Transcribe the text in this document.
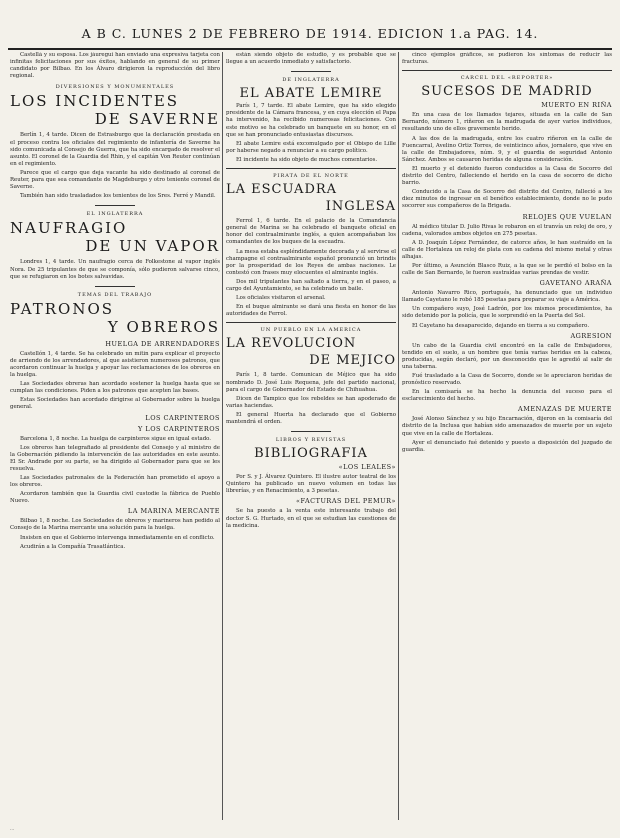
A B C. LUNES 2 DE FEBRERO DE 1914. EDICION 1.a PAG. 14.

Castellá y su esposa. Los jáuregui han enviado una expresiva tarjeta con infinitas felicitaciones por sus éxitos, hablando en general de su primer candidato por Bilbao. En los Álvaro dirigieron la reproducción del libro regional.

DIVERSIONES Y MONUMENTALES
LOS INCIDENTES
DE SAVERNE

Berlín 1, 4 tarde. Dicen de Estrasburgo que la declaración prestada en el proceso contra los oficiales del regimiento de infantería de Saverne ha sido comunicada al Consejo de Guerra, que ha sido encargado de resolver el asunto. El coronel de la Guardia del Rhin, y el capitán Von Reuter continúan en el regimiento.

Parece que el cargo que deja vacante ha sido destinado al coronel de Reuter, para que sea comandante de Magdeburgo y otro teniente coronel de Saverne.

También han sido trasladados los tenientes de los Sres. Ferré y Mandil.

EL INGLATERRA
NAUFRAGIO
DE UN VAPOR

Londres 1, 4 tarde. Un naufragio cerca de Folkestone al vapor inglés Nora. De 25 tripulantes de que se componía, sólo pudieron salvarse cinco, que se refugiaron en los botes salvavidas.

TEMAS DEL TRABAJO
PATRONOS
Y OBREROS
HUELGA DE ARRENDADORES

Castellón 1, 4 tarde. Se ha celebrado un mitin para explicar el proyecto de arriendo de los arrendadores, al que asistieron numerosos patronos, que acordaron continuar la huelga y apoyar las reclamaciones de los obreros en la huelga.

Las Sociedades obreras han acordado sostener la huelga hasta que se cumplan las condiciones. Piden a los patronos que acepten las bases.

Estas Sociedades han acordado dirigirse al Gobernador sobre la huelga general.

LOS CARPINTEROS
Y LOS CARPINTEROS

Barcelona 1, 8 noche. La huelga de carpinteros sigue en igual estado.

Los obreros han telegrafiado al presidente del Consejo y al ministro de la Gobernación pidiendo la intervención de las autoridades en este asunto. El Sr. Andrade por su parte, se ha dirigido al Gobernador para que se les resuelva.

Las Sociedades patronales de la Federación han prometido el apoyo a los obreros.

Acordaron también que la Guardia civil custodie la fábrica de Pueblo Nuevo.

LA MARINA MERCANTE

Bilbao 1, 8 noche. Los Sociedades de obreros y marineros han pedido al Consejo de la Marina mercante una solución para la huelga.

Insisten en que el Gobierno intervenga inmediatamente en el conflicto.

Acudirán a la Compañía Trasatlántica.

están siendo objeto de estudio, y es probable que se llegue a un acuerdo inmediato y satisfactorio.

DE INGLATERRA
EL ABATE LEMIRE

París 1, 7 tarde. El abate Lemire, que ha sido elegido presidente de la Cámara francesa, y en cuya elección el Papa ha intervenido, ha recibido numerosas felicitaciones. Con este motivo se ha celebrado un banquete en su honor, en el que se han pronunciado entusiastas discursos.

El abate Lemire está excomulgado por el Obispo de Lille por haberse negado a renunciar a su cargo político.

El incidente ha sido objeto de muchos comentarios.

PIRATA DE EL NORTE
LA ESCUADRA
INGLESA

Ferrol 1, 6 tarde. En el palacio de la Comandancia general de Marina se ha celebrado el banquete oficial en honor del contraalmirante inglés, a quien acompañaban los comandantes de los buques de la escuadra.

La mesa estaba espléndidamente decorada y al servirse el champagne el contraalmirante español pronunció un brindis por la prosperidad de los Reyes de ambas naciones. Le contestó con frases muy elocuentes el almirante inglés.

Dos mil tripulantes han saltado a tierra, y en el paseo, a cargo del Ayuntamiento, se ha celebrado un baile.

Los oficiales visitaron el arsenal.

En el buque almirante se dará una fiesta en honor de las autoridades de Ferrol.

UN PUEBLO EN LA AMERICA
LA REVOLUCION
DE MEJICO

París 1, 8 tarde. Comunican de Méjico que ha sido nombrado D. José Luis Requena, jefe del partido nacional, para el cargo de Gobernador del Estado de Chihuahua.

Dicen de Tampico que los rebeldes se han apoderado de varias haciendas.

El general Huerta ha declarado que el Gobierno mantendrá el orden.

LIBROS Y REVISTAS
BIBLIOGRAFIA
«LOS LEALES»

Por S. y J. Álvarez Quintero. El ilustre autor teatral de los Quintero ha publicado un nuevo volumen en todas las librerías, y en Renacimiento, a 3 pesetas.

«FACTURAS DEL PEMUR»

Se ha puesto a la venta este interesante trabajo del doctor S. G. Hurtado, en el que se estudian las cuestiones de la medicina.

cinco ejemplos gráficos, se pudieron los síntomas de reducir las fracturas.

CARCEL DEL «REPORTER»
SUCESOS DE MADRID
MUERTO EN RIÑA

En una casa de los llamados tejares, situada en la calle de San Bernardo, número 1, riñeron en la madrugada de ayer varios individuos, resultando uno de ellos gravemente herido.

A las dos de la madrugada, entre los cuatro riñeron en la calle de Fuencarral, Avelino Ortiz Torres, de veinticinco años, jornalero, que vive en la calle de Embajadores, núm. 9, y el guardia de seguridad Antonio Sánchez. Ambos se causaron heridas de alguna consideración.

El muerto y el detenido fueron conducidos a la Casa de Socorro del distrito del Centro, falleciendo el herido en la casa de socorro de dicho barrio.

Conducido a la Casa de Socorro del distrito del Centro, falleció a los diez minutos de ingresar en el benéfico establecimiento, donde no le pudo socorrer sus compañeros de la Brigada.

RELOJES QUE VUELAN

Al médico titular D. Julio Rivas le robaron en el tranvía un reloj de oro, y cadena, valorados ambos objetos en 275 pesetas.

A D. Joaquín López Fernández, de catorce años, le han sustraído en la calle de Hortaleza un reloj de plata con su cadena del mismo metal y otras alhajas.

Por último, a Asunción Blasco Ruiz, a la que se le perdió el bolso en la calle de San Bernardo, le fueron sustraídas varias prendas de vestir.

GAVETANO ARAÑA

Antonio Navarro Rico, portugués, ha denunciado que un individuo llamado Cayetano le robó 185 pesetas para preparar su viaje a América.

Un compañero suyo, José Ladrón, por los mismos procedimientos, ha sido detenido por la policía, que le sorprendió en la Puerta del Sol.

El Cayetano ha desaparecido, dejando en tierra a su compañero.

AGRESION

Un cabo de la Guardia civil encontró en la calle de Embajadores, tendido en el suelo, a un hombre que tenía varias heridas en la cabeza, producidas, según declaró, por un desconocido que le agredió al salir de una taberna.

Fué trasladado a la Casa de Socorro, donde se le apreciaron heridas de pronóstico reservado.

En la comisaría se ha hecho la denuncia del suceso para el esclarecimiento del hecho.

AMENAZAS DE MUERTE

José Alonso Sánchez y su hijo Encarnación, dijeron en la comisaría del distrito de la Inclusa que habían sido amenazados de muerte por un sujeto que vive en la calle de Hortaleza.

Ayer el denunciado fué detenido y puesto a disposición del juzgado de guardia.

...
